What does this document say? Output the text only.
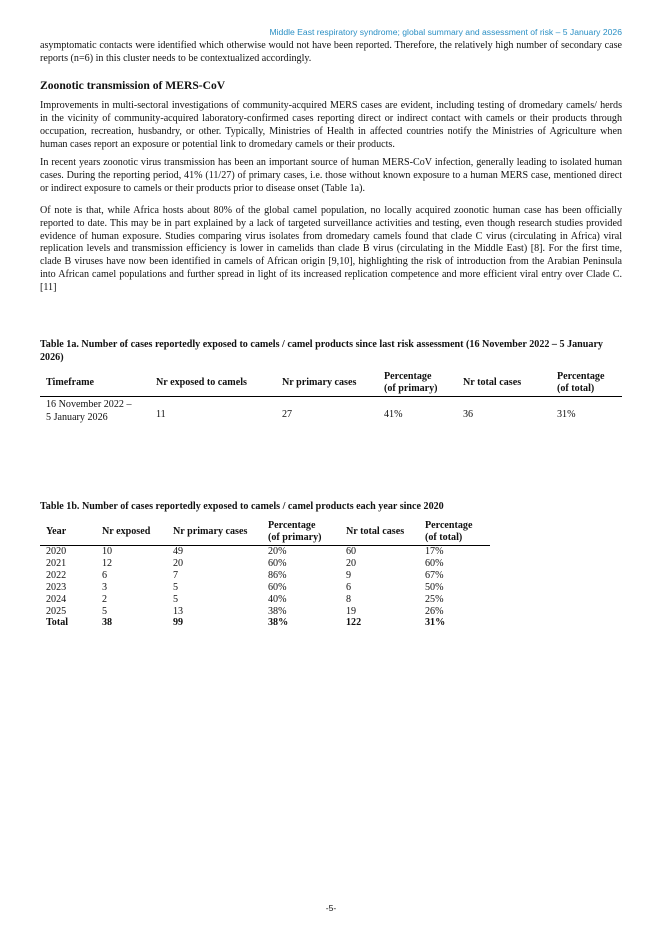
Middle East respiratory syndrome; global summary and assessment of risk – 5 January 2026

asymptomatic contacts were identified which otherwise would not have been reported. Therefore, the relatively high number of secondary case reports (n=6) in this cluster needs to be contextualized accordingly.

Zoonotic transmission of MERS-CoV

Improvements in multi-sectoral investigations of community-acquired MERS cases are evident, including testing of dromedary camels/ herds in the vicinity of community-acquired laboratory-confirmed cases reporting direct or indirect contact with camels or their products through occupation, recreation, husbandry, or other. Typically, Ministries of Health in affected countries notify the Ministries of Agriculture when human cases report an exposure or potential link to dromedary camels or their products.

In recent years zoonotic virus transmission has been an important source of human MERS-CoV infection, generally leading to isolated human cases. During the reporting period, 41% (11/27) of primary cases, i.e. those without known exposure to a human MERS case, mentioned direct or indirect exposure to camels or their products prior to disease onset (Table 1a).

Of note is that, while Africa hosts about 80% of the global camel population, no locally acquired zoonotic human case has been officially reported to date. This may be in part explained by a lack of targeted surveillance activities and testing, even though research studies provided evidence of human exposure. Studies comparing virus isolates from dromedary camels found that clade C virus (circulating in Africa) viral replication levels and transmission efficiency is lower in camelids than clade B virus (circulating in the Middle East) [8]. For the first time, clade B viruses have now been identified in camels of African origin [9,10], highlighting the risk of introduction from the Arabian Peninsula into African camel populations and further spread in light of its increased replication competence and more efficient viral entry over Clade C. [11]

Table 1a. Number of cases reportedly exposed to camels / camel products since last risk assessment (16 November 2022 – 5 January 2026)
Timeframe	Nr exposed to camels	Nr primary cases	Percentage
(of primary)	Nr total cases	Percentage
(of total)
16 November 2022 –
5 January 2026	11	27	41%	36	31%
Table 1b. Number of cases reportedly exposed to camels / camel products each year since 2020
Year	Nr exposed	Nr primary cases	Percentage
(of primary)	Nr total cases	Percentage
(of total)
2020	10	49	20%	60	17%
2021	12	20	60%	20	60%
2022	6	7	86%	9	67%
2023	3	5	60%	6	50%
2024	2	5	40%	8	25%
2025	5	13	38%	19	26%
Total	38	99	38%	122	31%
-5-
